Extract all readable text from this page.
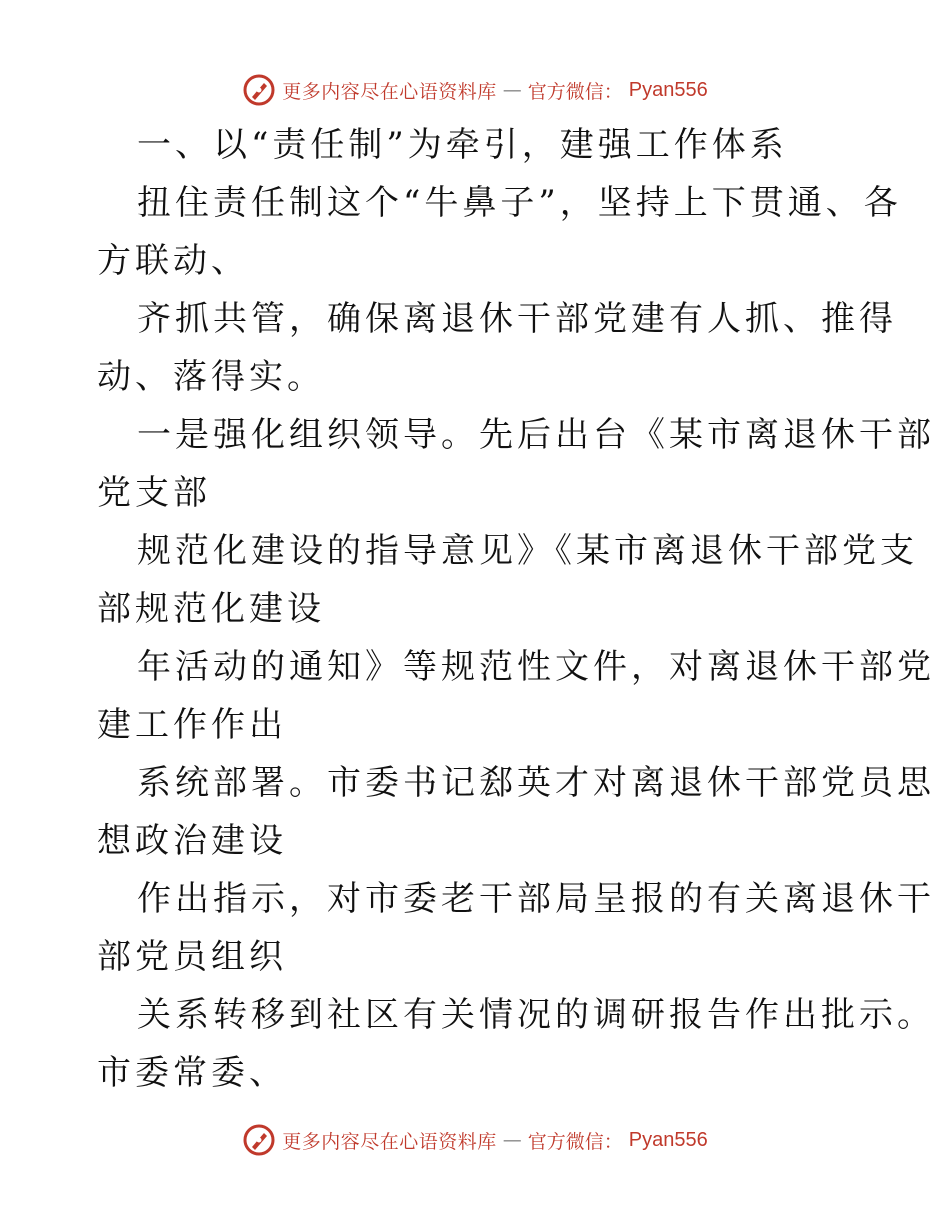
更多内容尽在心语资料库 — 官方微信： Pyan556
一、以“责任制”为牵引，建强工作体系
扭住责任制这个“牛鼻子”，坚持上下贯通、各
方联动、
齐抓共管，确保离退休干部党建有人抓、推得
动、落得实。
一是强化组织领导。先后出台《某市离退休干部
党支部
规范化建设的指导意见》《某市离退休干部党支
部规范化建设
年活动的通知》等规范性文件，对离退休干部党
建工作作出
系统部署。市委书记郄英才对离退休干部党员思
想政治建设
作出指示，对市委老干部局呈报的有关离退休干
部党员组织
关系转移到社区有关情况的调研报告作出批示。
市委常委、
更多内容尽在心语资料库 — 官方微信： Pyan556
